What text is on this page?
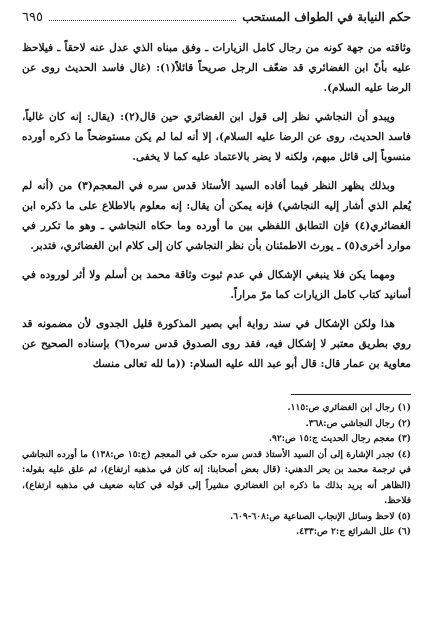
حكم النيابة في الطواف المستحب
٦٩٥

وثاقته من جهة كونه من رجال كامل الزيارات ـ وفق مبناه الذي عدل عنه لاحقاً ـ فيلاحظ عليه بأنّ ابن الغضائري قد ضعّف الرجل صريحاً قائلاً(١): (غال فاسد الحديث روى عن الرضا عليه السلام).

ويبدو أن النجاشي نظر إلى قول ابن الغضائري حين قال(٢): (يقال: إنه كان غالياً، فاسد الحديث، روى عن الرضا عليه السلام)، إلا أنه لما لم يكن مستوضحاً ما ذكره أورده منسوباً إلى قائل مبهم، ولكنه لا يضر بالاعتماد عليه كما لا يخفى.

وبذلك يظهر النظر فيما أفاده السيد الأستاذ قدس سره في المعجم(٣) من (أنه لم يُعلم الذي أشار إليه النجاشي) فإنه يمكن أن يقال: إنه معلوم بالاطلاع على ما ذكره ابن الغضائري(٤) فإن التطابق اللفظي بين ما أورده وما حكاه النجاشي ـ وهو ما تكرر في موارد أخرى(٥) ـ يورث الاطمئنان بأن نظر النجاشي كان إلى كلام ابن الغضائري، فتدبر.

ومهما يكن فلا ينبغي الإشكال في عدم ثبوت وثاقة محمد بن أسلم ولا أثر لوروده في أسانيد كتاب كامل الزيارات كما مرّ مراراً.

هذا ولكن الإشكال في سند رواية أبي بصير المذكورة قليل الجدوى لأن مضمونه قد روي بطريق معتبر لا إشكال فيه، فقد روى الصدوق قدس سره(٦) بإسناده الصحيح عن معاوية بن عمار قال: قال أبو عبد الله عليه السلام: ((ما لله تعالى منسك

(١) رجال ابن الغضائري ص:١١٥.

(٢) رجال النجاشي ص:٣٦٨.

(٣) معجم رجال الحديث ج:١٥ ص:٩٢.

(٤) تجدر الإشارة إلى أن السيد الأستاذ قدس سره حكى في المعجم (ج:١٥ ص:١٣٨) ما أورده النجاشي في ترجمة محمد بن بحر الدهني: (قال بعض أصحابنا: إنه كان في مذهبه ارتفاع)، ثم علق عليه بقوله: (الظاهر أنه يريد بذلك ما ذكره ابن الغضائري مشيراً إلى قوله في كتابه ضعيف في مذهبه ارتفاع)، فلاحظ.

(٥) لاحظ وسائل الإنجاب الصناعية ص:٦٠٨-٦٠٩.

(٦) علل الشرائع ج:٢ ص:٤٣٣.
